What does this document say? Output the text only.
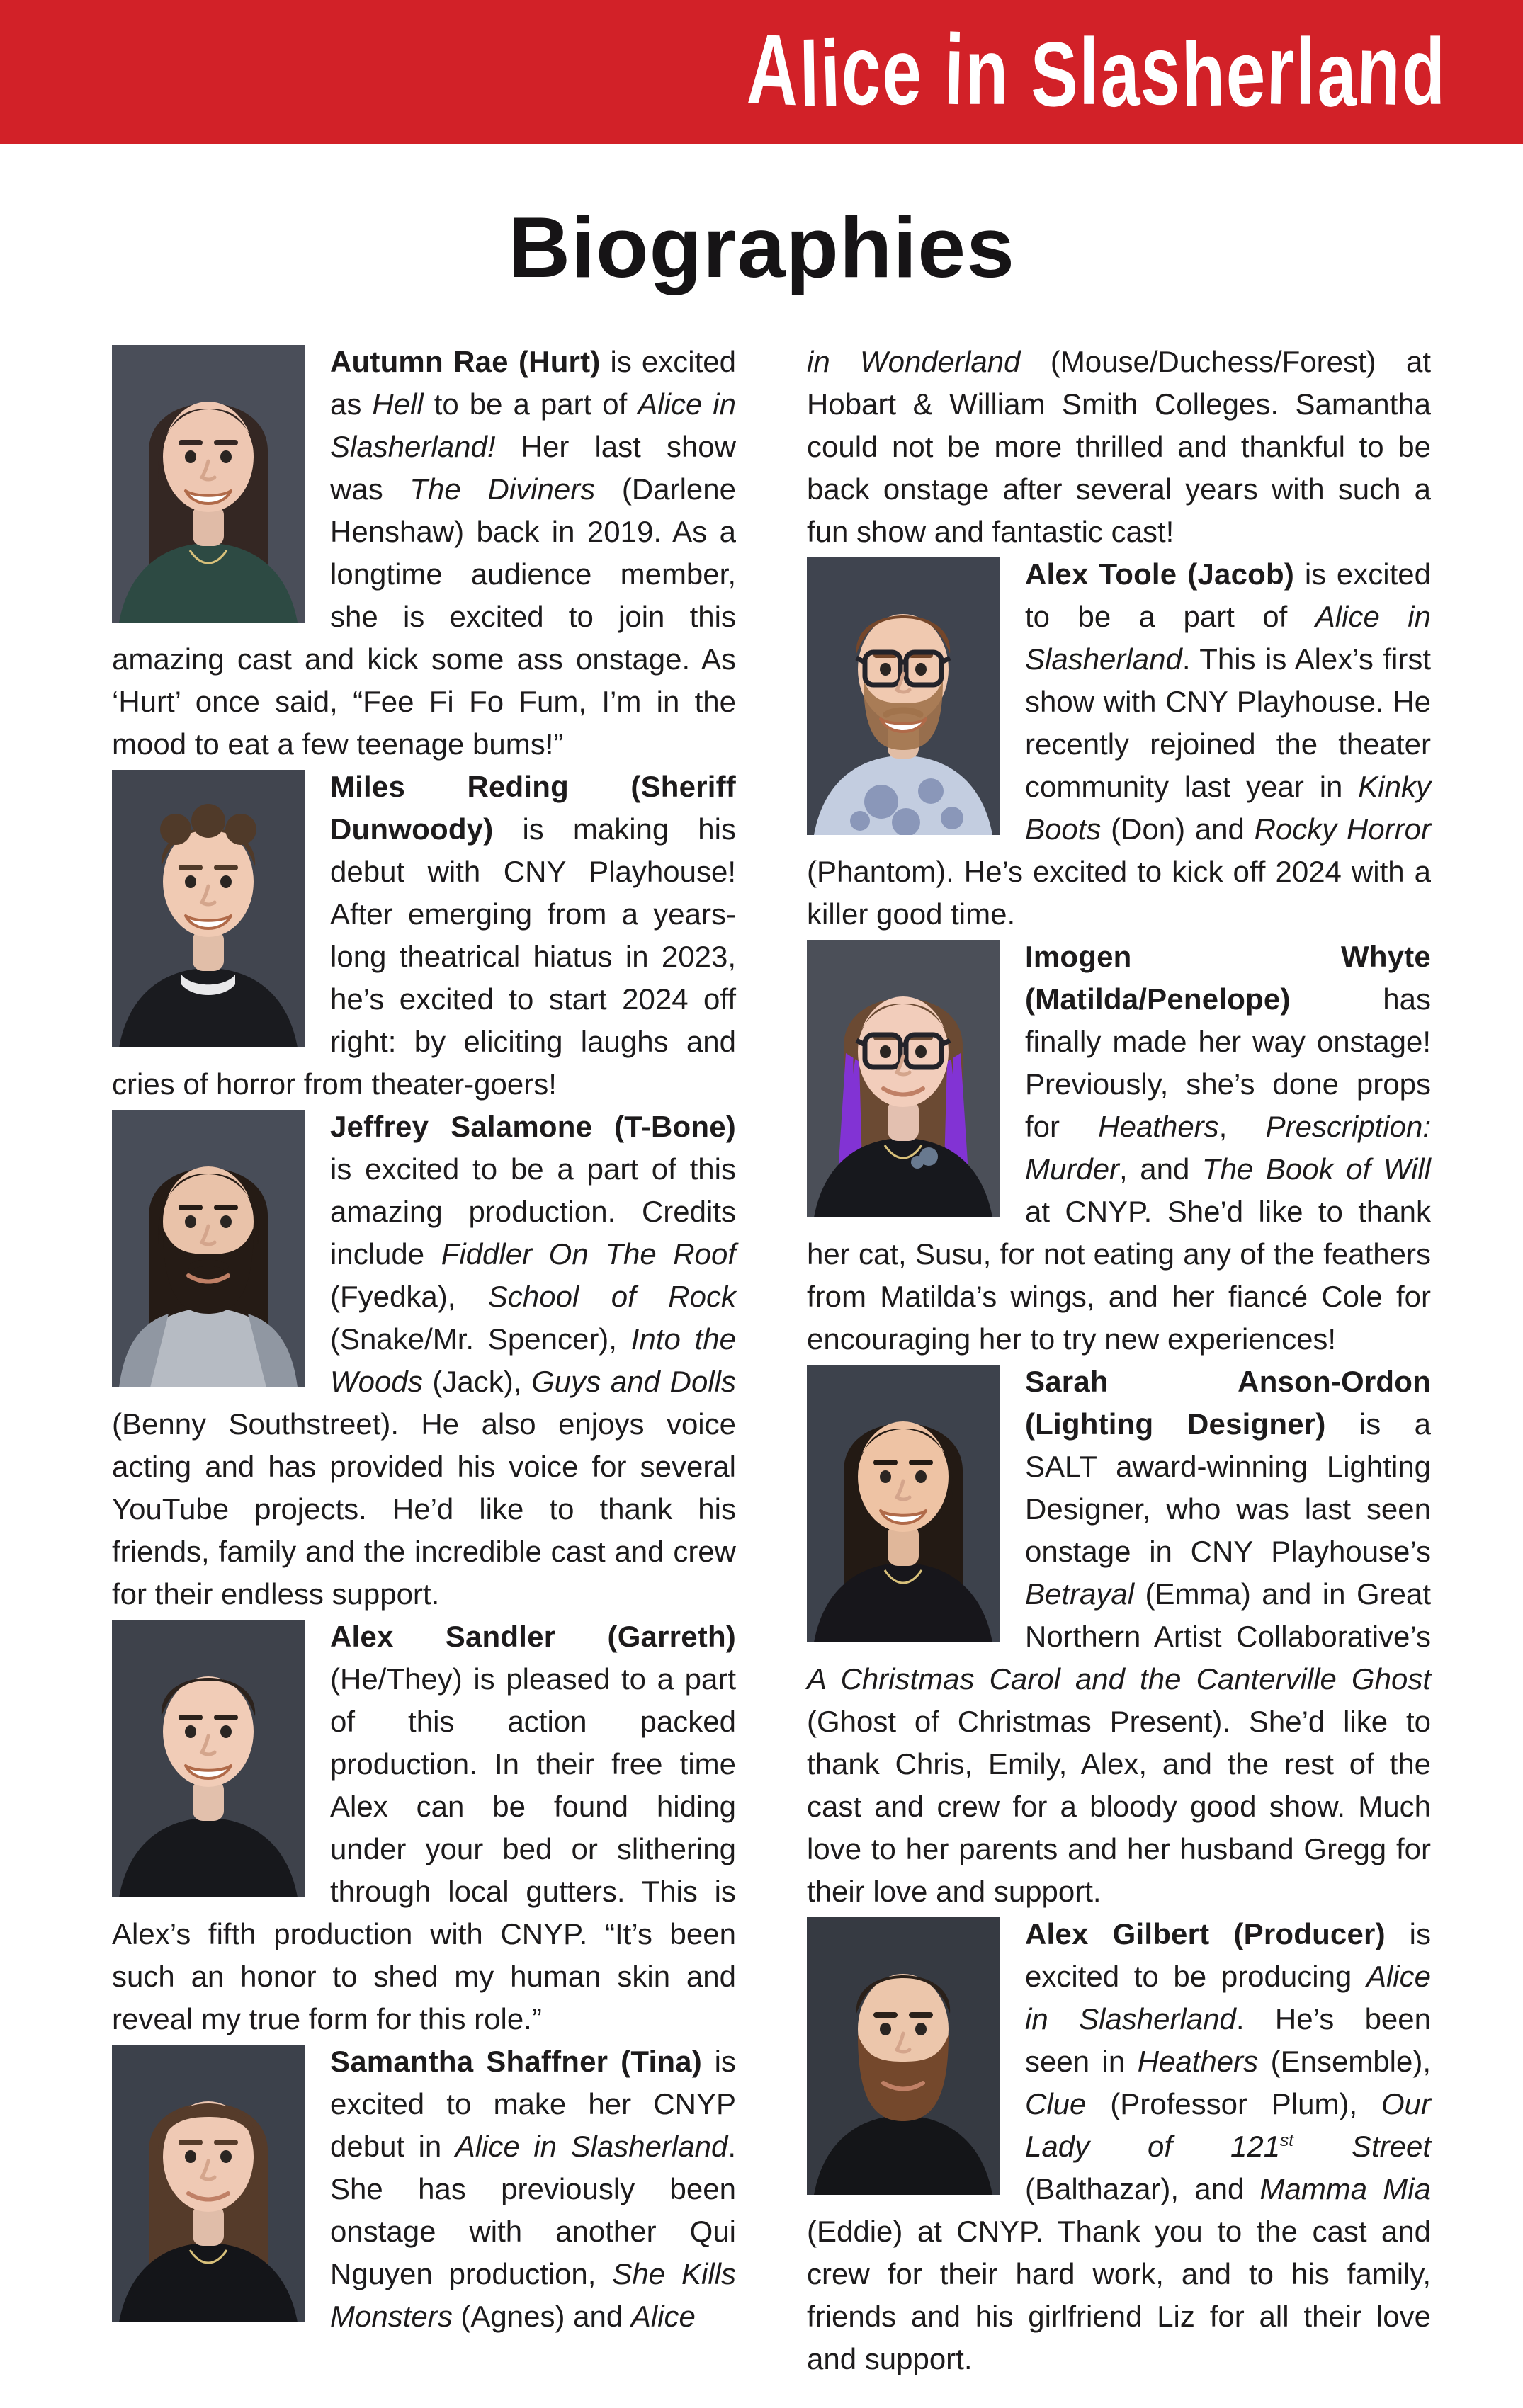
Alice in Slasherland
Biographies

Autumn Rae (Hurt) is excited as Hell to be a part of Alice in Slasherland! Her last show was The Diviners (Darlene Henshaw) back in 2019. As a longtime audience member, she is excited to join this amazing cast and kick some ass onstage. As ‘Hurt’ once said, “Fee Fi Fo Fum, I’m in the mood to eat a few teenage bums!”

Miles Reding (Sheriff Dunwoody) is making his debut with CNY Playhouse! After emerging from a years-long theatrical hiatus in 2023, he’s excited to start 2024 off right: by eliciting laughs and cries of horror from theater-goers!

Jeffrey Salamone (T-Bone) is excited to be a part of this amazing production. Credits include Fiddler On The Roof (Fyedka), School of Rock (Snake/Mr. Spencer), Into the Woods (Jack), Guys and Dolls (Benny Southstreet). He also enjoys voice acting and has provided his voice for several YouTube projects. He’d like to thank his friends, family and the incredible cast and crew for their endless support.

Alex Sandler (Garreth) (He/They) is pleased to a part of this action packed production. In their free time Alex can be found hiding under your bed or slithering through local gutters. This is Alex’s fifth production with CNYP. “It’s been such an honor to shed my human skin and reveal my true form for this role.”

Samantha Shaffner (Tina) is excited to make her CNYP debut in Alice in Slasherland. She has previously been onstage with another Qui Nguyen production, She Kills Monsters (Agnes) and Alice

in Wonderland (Mouse/Duchess/Forest) at Hobart & William Smith Colleges. Samantha could not be more thrilled and thankful to be back onstage after several years with such a fun show and fantastic cast!

Alex Toole (Jacob) is excited to be a part of Alice in Slasherland. This is Alex’s first show with CNY Playhouse. He recently rejoined the theater community last year in Kinky Boots (Don) and Rocky Horror (Phantom). He’s excited to kick off 2024 with a killer good time.

Imogen Whyte (Matilda/Penelope) has finally made her way onstage! Previously, she’s done props for Heathers, Prescription: Murder, and The Book of Will at CNYP. She’d like to thank her cat, Susu, for not eating any of the feathers from Matilda’s wings, and her fiancé Cole for encouraging her to try new experiences!

Sarah Anson-Ordon (Lighting Designer) is a SALT award-winning Lighting Designer, who was last seen onstage in CNY Playhouse’s Betrayal (Emma) and in Great Northern Artist Collaborative’s A Christmas Carol and the Canterville Ghost (Ghost of Christmas Present). She’d like to thank Chris, Emily, Alex, and the rest of the cast and crew for a bloody good show. Much love to her parents and her husband Gregg for their love and support.

Alex Gilbert (Producer) is excited to be producing Alice in Slasherland. He’s been seen in Heathers (Ensemble), Clue (Professor Plum), Our Lady of 121st Street (Balthazar), and Mamma Mia (Eddie) at CNYP. Thank you to the cast and crew for their hard work, and to his family, friends and his girlfriend Liz for all their love and support.
